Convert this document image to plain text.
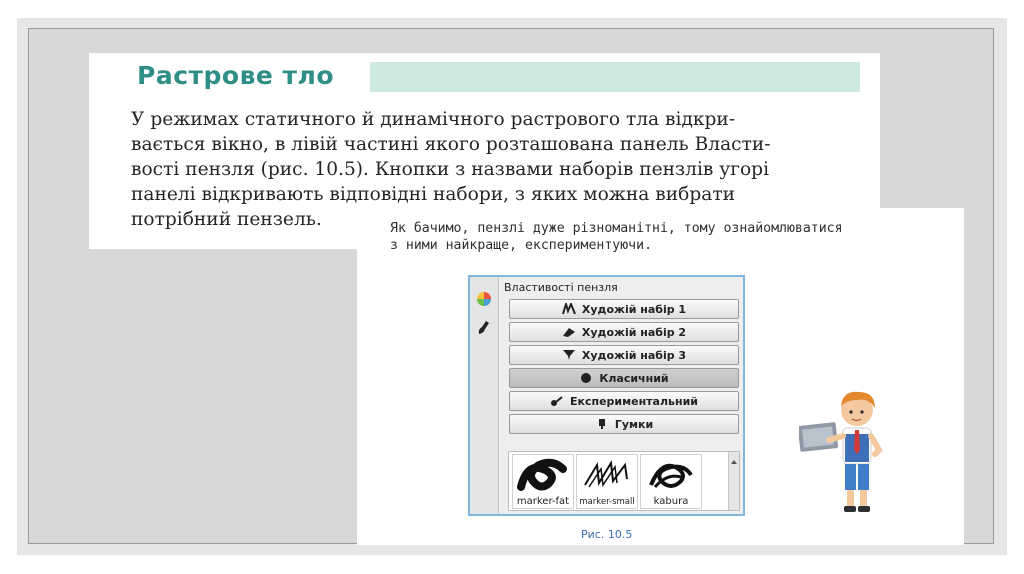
Растрове тло
У режимах статичного й динамічного растрового тла відкри-
вається вікно, в лівій частині якого розташована панель Власти-
вості пензля (рис. 10.5). Кнопки з назвами наборів пензлів угорі
панелі відкривають відповідні набори, з яких можна вибрати
потрібний пензель.	Як бачимо, пензлі дуже різноманітні, тому ознайомлюватися
з ними найкраще, експериментуючи.
Властивості пензля
Художій набір 1
Художій набір 2
Художій набір 3
Класичний
Експериментальний
Гумки
marker-fat	marker-small	kabura
Рис. 10.5
